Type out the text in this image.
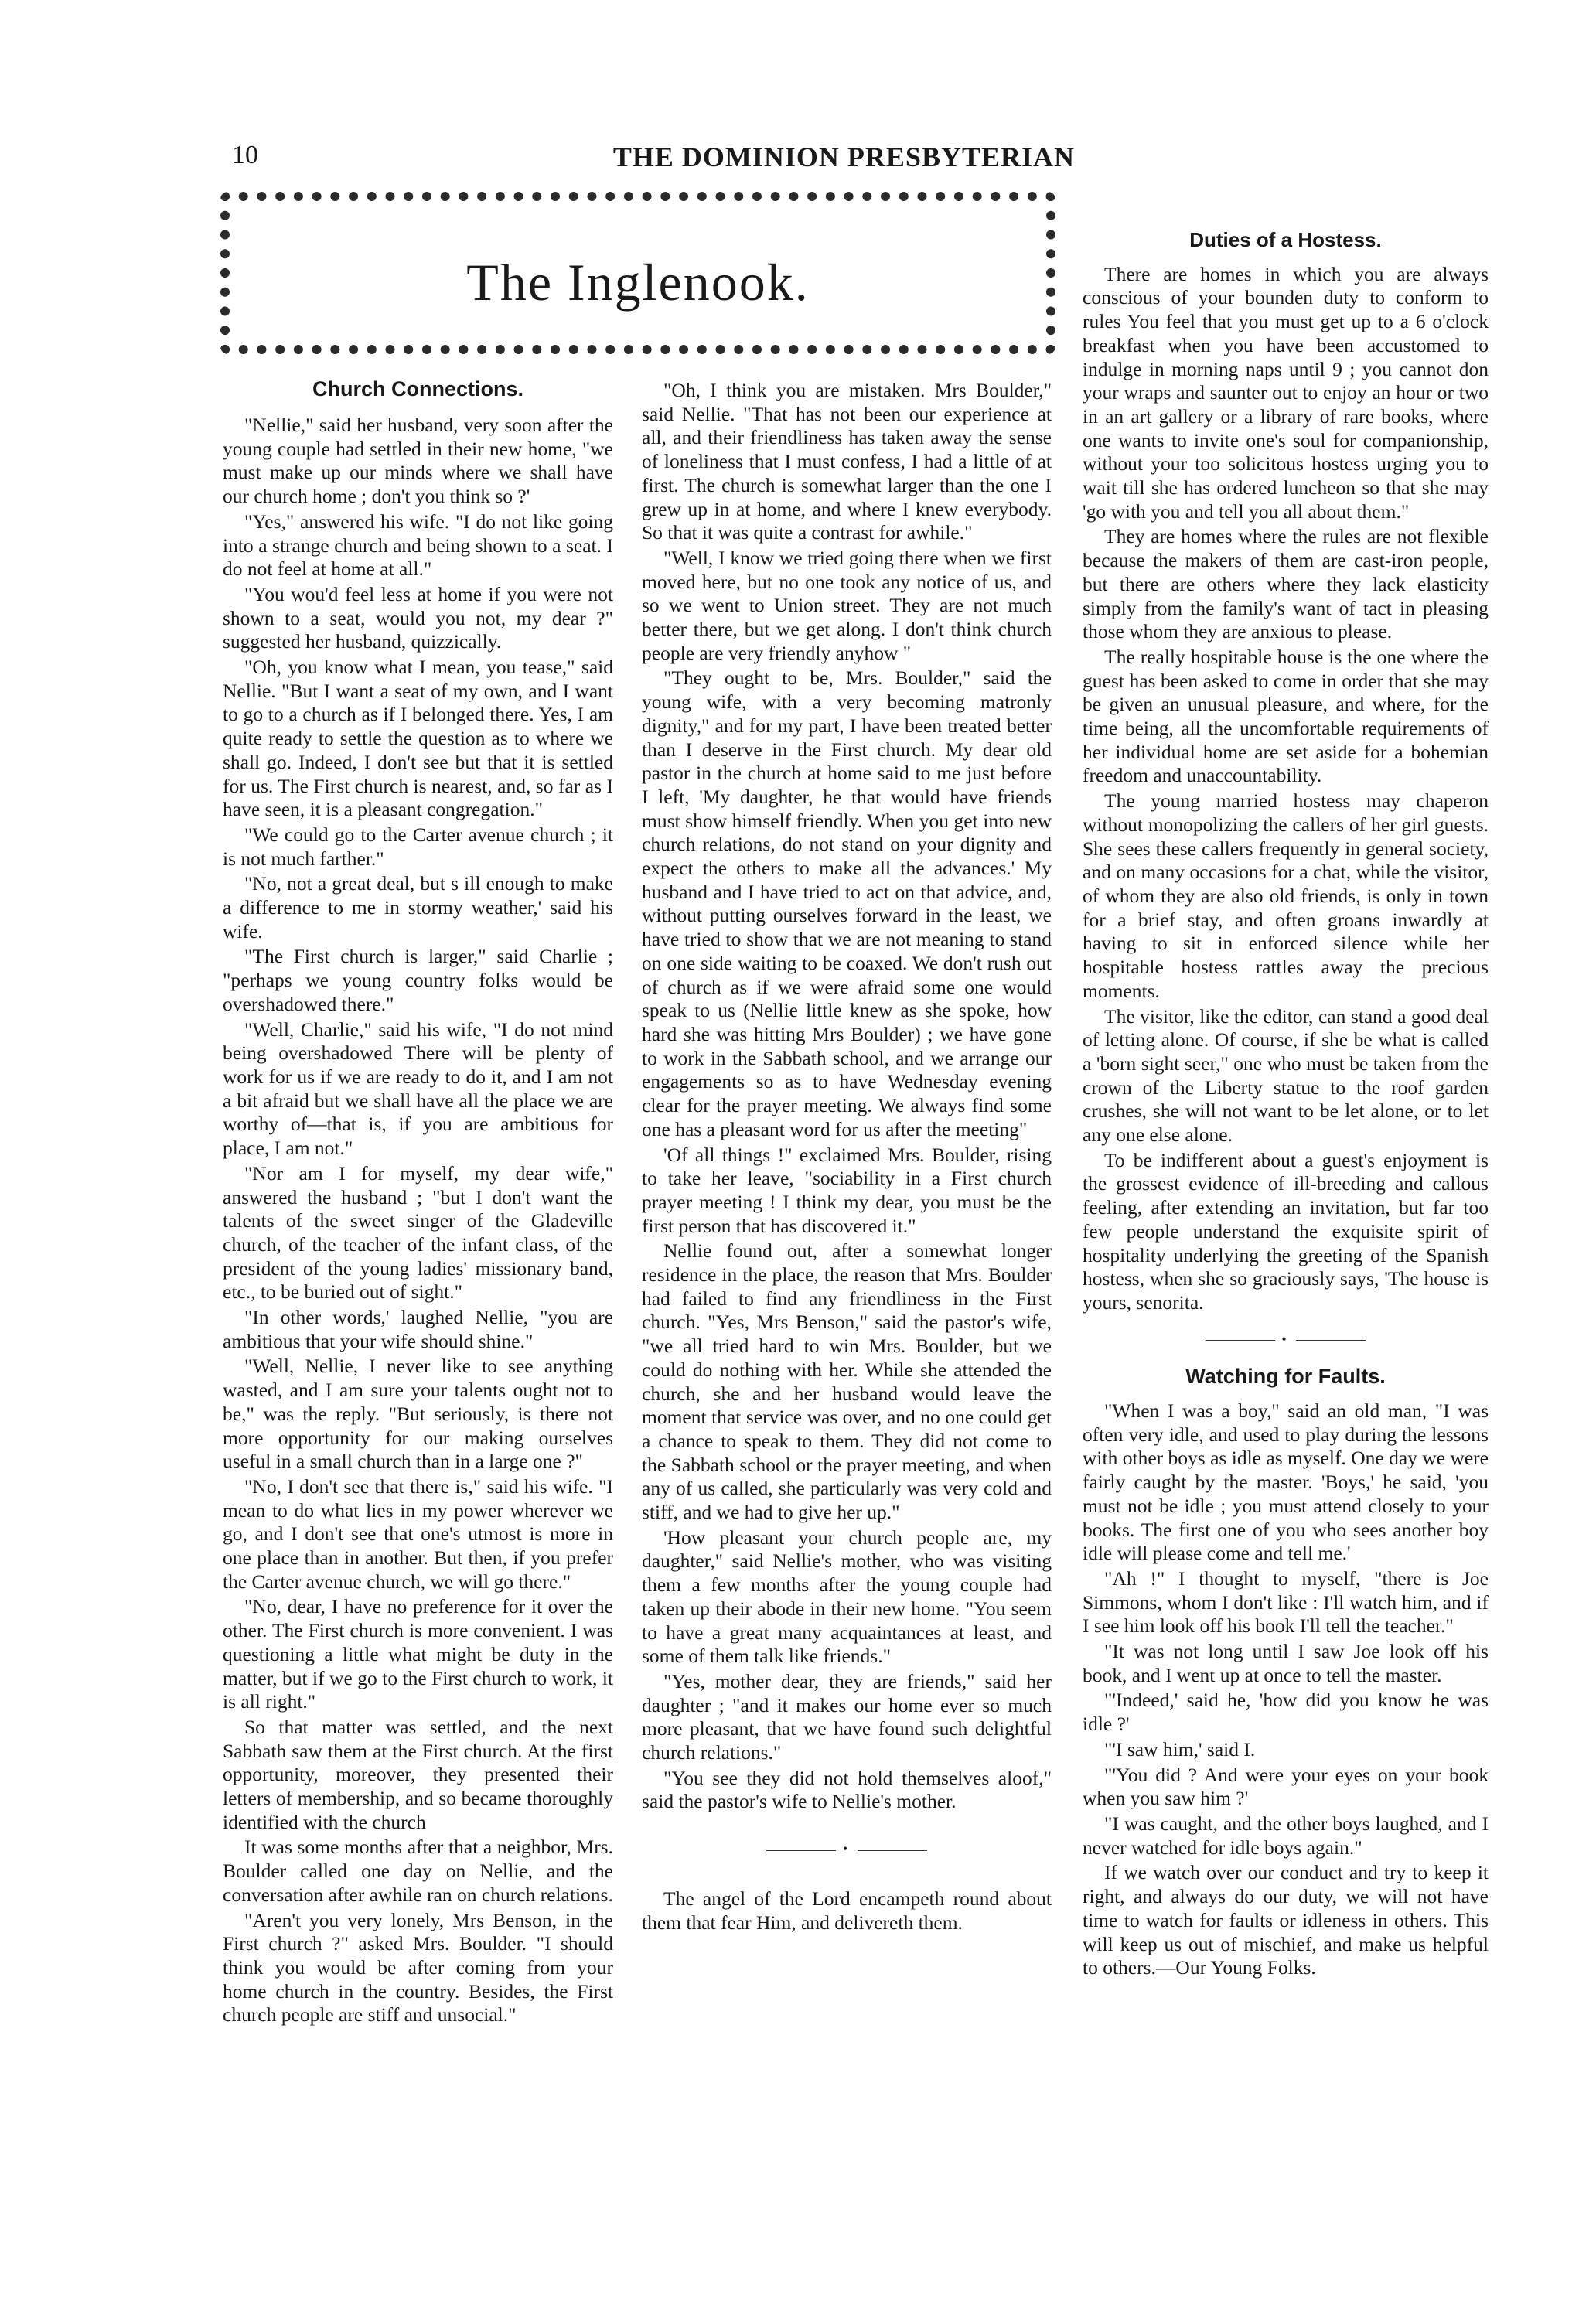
10	THE DOMINION PRESBYTERIAN
The Inglenook.
Church Connections.

"Nellie," said her husband, very soon after the young couple had settled in their new home, "we must make up our minds where we shall have our church home ; don't you think so ?'

"Yes," answered his wife. "I do not like going into a strange church and being shown to a seat. I do not feel at home at all."

"You wou'd feel less at home if you were not shown to a seat, would you not, my dear ?" suggested her husband, quizzically.

"Oh, you know what I mean, you tease," said Nellie. "But I want a seat of my own, and I want to go to a church as if I belonged there. Yes, I am quite ready to settle the question as to where we shall go. Indeed, I don't see but that it is settled for us. The First church is nearest, and, so far as I have seen, it is a pleasant congregation."

"We could go to the Carter avenue church ; it is not much farther."

"No, not a great deal, but s ill enough to make a difference to me in stormy weather,' said his wife.

"The First church is larger," said Charlie ; "perhaps we young country folks would be overshadowed there."

"Well, Charlie," said his wife, "I do not mind being overshadowed There will be plenty of work for us if we are ready to do it, and I am not a bit afraid but we shall have all the place we are worthy of—that is, if you are ambitious for place, I am not."

"Nor am I for myself, my dear wife," answered the husband ; "but I don't want the talents of the sweet singer of the Gladeville church, of the teacher of the infant class, of the president of the young ladies' missionary band, etc., to be buried out of sight."

"In other words,' laughed Nellie, "you are ambitious that your wife should shine."

"Well, Nellie, I never like to see anything wasted, and I am sure your talents ought not to be," was the reply. "But seriously, is there not more opportunity for our making ourselves useful in a small church than in a large one ?"

"No, I don't see that there is," said his wife. "I mean to do what lies in my power wherever we go, and I don't see that one's utmost is more in one place than in another. But then, if you prefer the Carter avenue church, we will go there."

"No, dear, I have no preference for it over the other. The First church is more convenient. I was questioning a little what might be duty in the matter, but if we go to the First church to work, it is all right."

So that matter was settled, and the next Sabbath saw them at the First church. At the first opportunity, moreover, they presented their letters of membership, and so became thoroughly identified with the church

It was some months after that a neighbor, Mrs. Boulder called one day on Nellie, and the conversation after awhile ran on church relations.

"Aren't you very lonely, Mrs Benson, in the First church ?" asked Mrs. Boulder. "I should think you would be after coming from your home church in the country. Besides, the First church people are stiff and unsocial."

"Oh, I think you are mistaken. Mrs Boulder," said Nellie. "That has not been our experience at all, and their friendliness has taken away the sense of loneliness that I must confess, I had a little of at first. The church is somewhat larger than the one I grew up in at home, and where I knew everybody. So that it was quite a contrast for awhile."

"Well, I know we tried going there when we first moved here, but no one took any notice of us, and so we went to Union street. They are not much better there, but we get along. I don't think church people are very friendly anyhow "

"They ought to be, Mrs. Boulder," said the young wife, with a very becoming matronly dignity," and for my part, I have been treated better than I deserve in the First church. My dear old pastor in the church at home said to me just before I left, 'My daughter, he that would have friends must show himself friendly. When you get into new church relations, do not stand on your dignity and expect the others to make all the advances.' My husband and I have tried to act on that advice, and, without putting ourselves forward in the least, we have tried to show that we are not meaning to stand on one side waiting to be coaxed. We don't rush out of church as if we were afraid some one would speak to us (Nellie little knew as she spoke, how hard she was hitting Mrs Boulder) ; we have gone to work in the Sabbath school, and we arrange our engagements so as to have Wednesday evening clear for the prayer meeting. We always find some one has a pleasant word for us after the meeting"

'Of all things !" exclaimed Mrs. Boulder, rising to take her leave, "sociability in a First church prayer meeting ! I think my dear, you must be the first person that has discovered it."

Nellie found out, after a somewhat longer residence in the place, the reason that Mrs. Boulder had failed to find any friendliness in the First church. "Yes, Mrs Benson," said the pastor's wife, "we all tried hard to win Mrs. Boulder, but we could do nothing with her. While she attended the church, she and her husband would leave the moment that service was over, and no one could get a chance to speak to them. They did not come to the Sabbath school or the prayer meeting, and when any of us called, she particularly was very cold and stiff, and we had to give her up."

'How pleasant your church people are, my daughter," said Nellie's mother, who was visiting them a few months after the young couple had taken up their abode in their new home. "You seem to have a great many acquaintances at least, and some of them talk like friends."

"Yes, mother dear, they are friends," said her daughter ; "and it makes our home ever so much more pleasant, that we have found such delightful church relations."

"You see they did not hold themselves aloof," said the pastor's wife to Nellie's mother.

•

The angel of the Lord encampeth round about them that fear Him, and delivereth them.

Duties of a Hostess.

There are homes in which you are always conscious of your bounden duty to conform to rules You feel that you must get up to a 6 o'clock breakfast when you have been accustomed to indulge in morning naps until 9 ; you cannot don your wraps and saunter out to enjoy an hour or two in an art gallery or a library of rare books, where one wants to invite one's soul for companionship, without your too solicitous hostess urging you to wait till she has ordered luncheon so that she may 'go with you and tell you all about them."

They are homes where the rules are not flexible because the makers of them are cast-iron people, but there are others where they lack elasticity simply from the family's want of tact in pleasing those whom they are anxious to please.

The really hospitable house is the one where the guest has been asked to come in order that she may be given an unusual pleasure, and where, for the time being, all the uncomfortable requirements of her individual home are set aside for a bohemian freedom and unaccountability.

The young married hostess may chaperon without monopolizing the callers of her girl guests. She sees these callers frequently in general society, and on many occasions for a chat, while the visitor, of whom they are also old friends, is only in town for a brief stay, and often groans inwardly at having to sit in enforced silence while her hospitable hostess rattles away the precious moments.

The visitor, like the editor, can stand a good deal of letting alone. Of course, if she be what is called a 'born sight seer," one who must be taken from the crown of the Liberty statue to the roof garden crushes, she will not want to be let alone, or to let any one else alone.

To be indifferent about a guest's enjoyment is the grossest evidence of ill-breeding and callous feeling, after extending an invitation, but far too few people understand the exquisite spirit of hospitality underlying the greeting of the Spanish hostess, when she so graciously says, 'The house is yours, senorita.

•
Watching for Faults.

"When I was a boy," said an old man, "I was often very idle, and used to play during the lessons with other boys as idle as myself. One day we were fairly caught by the master. 'Boys,' he said, 'you must not be idle ; you must attend closely to your books. The first one of you who sees another boy idle will please come and tell me.'

"Ah !" I thought to myself, "there is Joe Simmons, whom I don't like : I'll watch him, and if I see him look off his book I'll tell the teacher."

"It was not long until I saw Joe look off his book, and I went up at once to tell the master.

"'Indeed,' said he, 'how did you know he was idle ?'

"'I saw him,' said I.

"'You did ? And were your eyes on your book when you saw him ?'

"I was caught, and the other boys laughed, and I never watched for idle boys again."

If we watch over our conduct and try to keep it right, and always do our duty, we will not have time to watch for faults or idleness in others. This will keep us out of mischief, and make us helpful to others.—Our Young Folks.
